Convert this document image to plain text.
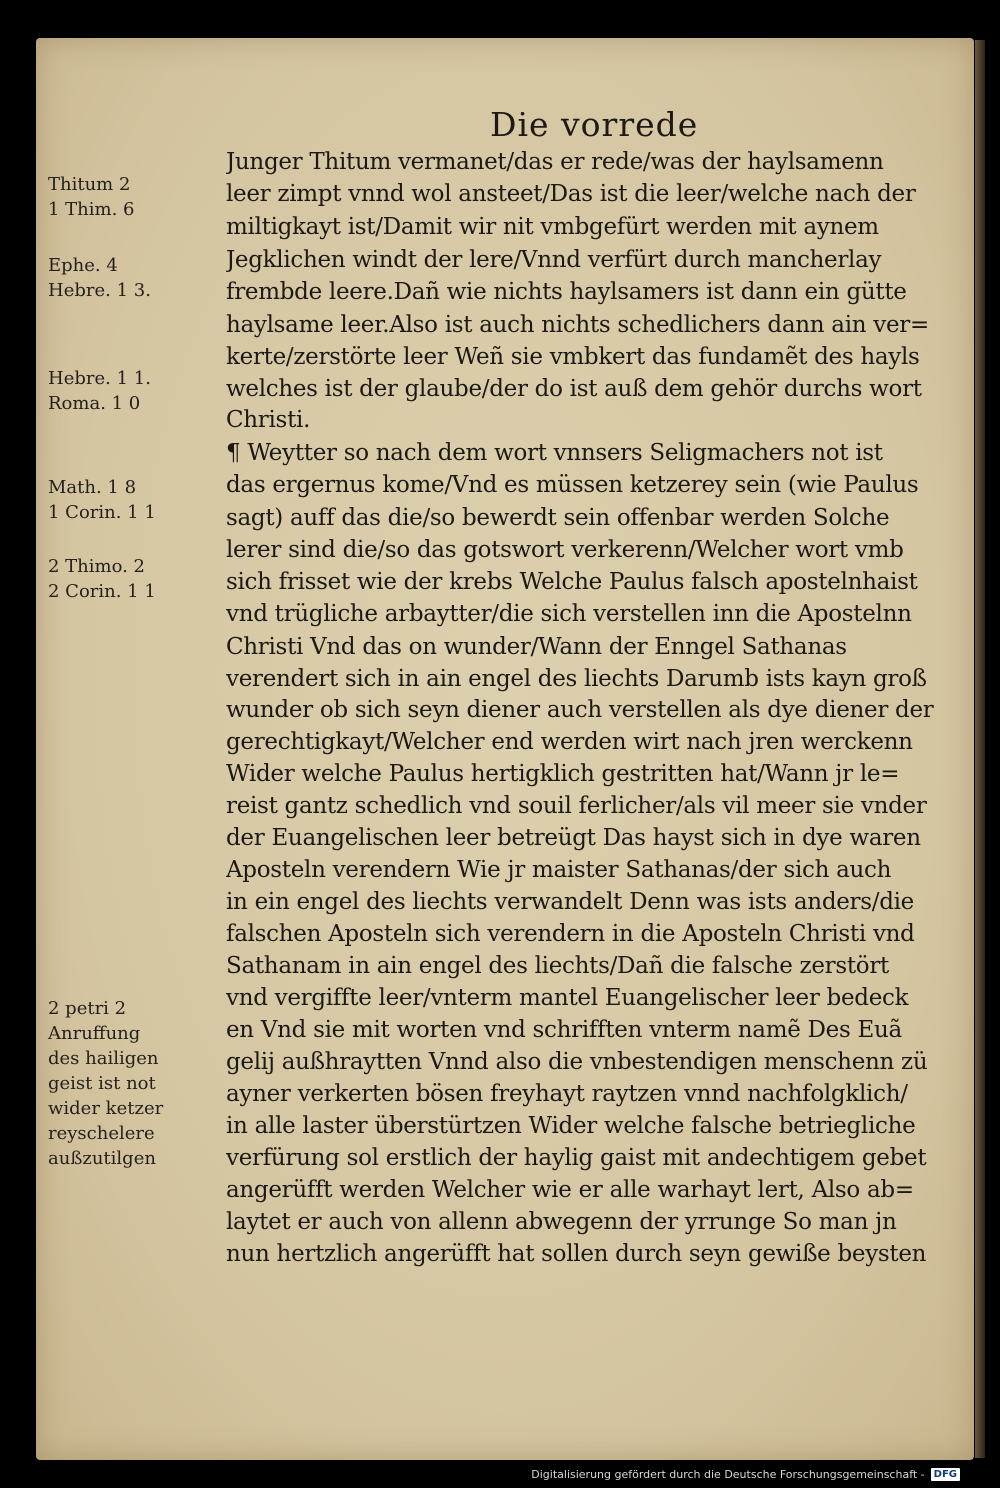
Die vorrede
Thitum 2
1 Thim. 6
Ephe. 4
Hebre. 1 3.
Hebre. 1 1.
Roma. 1 0
Math. 1 8
1 Corin. 1 1
2 Thimo. 2
2 Corin. 1 1
2 petri 2
Anruffung
des hailigen
geist ist not
wider ketzer
reyschelere
außzutilgen
Junger Thitum vermanet/das er rede/was der haylsamenn
leer zimpt vnnd wol ansteet/Das ist die leer/welche nach der
miltigkayt ist/Damit wir nit vmbgefürt werden mit aynem
Jegklichen windt der lere/Vnnd verfürt durch mancherlay
frembde leere.Dañ wie nichts haylsamers ist dann ein gütte
haylsame leer.Also ist auch nichts schedlichers dann ain ver=
kerte/zerstörte leer Weñ sie vmbkert das fundamẽt des hayls
welches ist der glaube/der do ist auß dem gehör durchs wort
Christi.
¶ Weytter so nach dem wort vnnsers Seligmachers not ist
das ergernus kome/Vnd es müssen ketzerey sein (wie Paulus
sagt) auff das die/so bewerdt sein offenbar werden Solche
lerer sind die/so das gotswort verkerenn/Welcher wort vmb
sich frisset wie der krebs Welche Paulus falsch apostelnhaist
vnd trügliche arbaytter/die sich verstellen inn die Apostelnn
Christi Vnd das on wunder/Wann der Enngel Sathanas
verendert sich in ain engel des liechts Darumb ists kayn groß
wunder ob sich seyn diener auch verstellen als dye diener der
gerechtigkayt/Welcher end werden wirt nach jren werckenn
Wider welche Paulus hertigklich gestritten hat/Wann jr le=
reist gantz schedlich vnd souil ferlicher/als vil meer sie vnder
der Euangelischen leer betreügt Das hayst sich in dye waren
Aposteln verendern Wie jr maister Sathanas/der sich auch
in ein engel des liechts verwandelt Denn was ists anders/die
falschen Aposteln sich verendern in die Aposteln Christi vnd
Sathanam in ain engel des liechts/Dañ die falsche zerstört
vnd vergiffte leer/vnterm mantel Euangelischer leer bedeck
en Vnd sie mit worten vnd schrifften vnterm namẽ Des Euã
gelij außhraytten Vnnd also die vnbestendigen menschenn zü
ayner verkerten bösen freyhayt raytzen vnnd nachfolgklich/
in alle laster überstürtzen Wider welche falsche betriegliche
verfürung sol erstlich der haylig gaist mit andechtigem gebet
angerüfft werden Welcher wie er alle warhayt lert, Also ab=
laytet er auch von allenn abwegenn der yrrunge So man jn
nun hertzlich angerüfft hat sollen durch seyn gewiße beysten
Digitalisierung gefördert durch die Deutsche Forschungsgemeinschaft - DFG
